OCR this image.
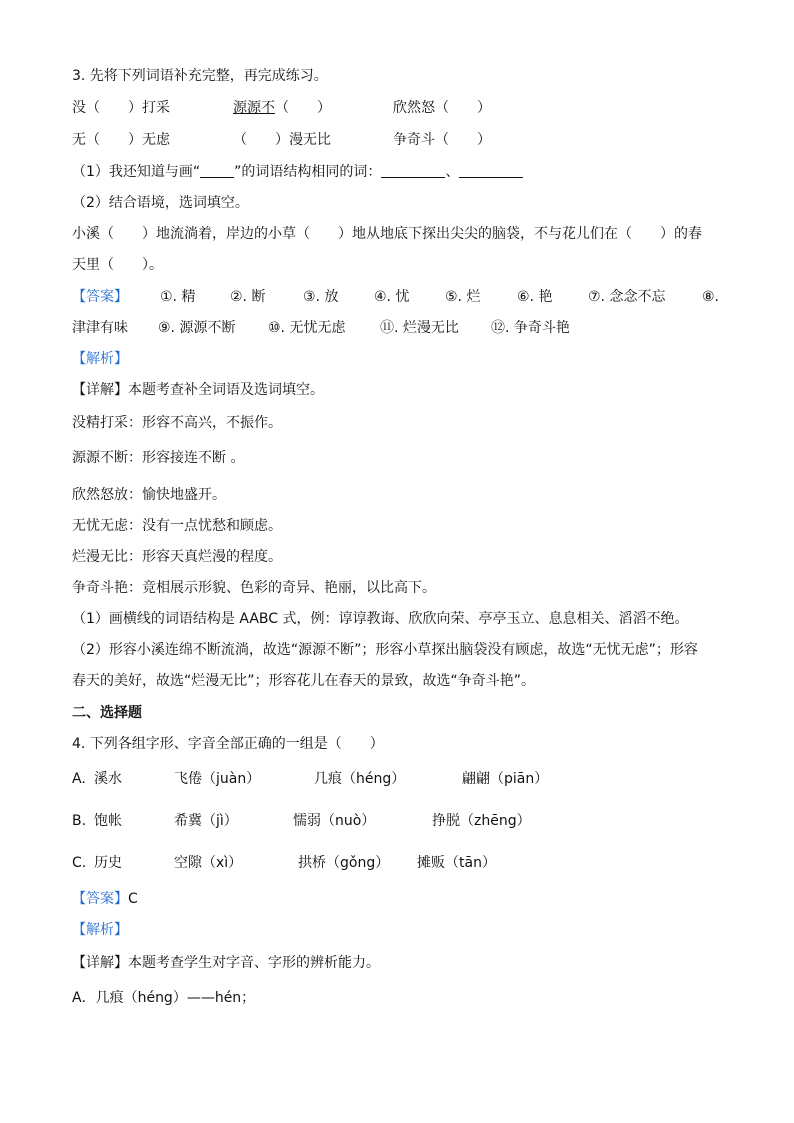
3. 先将下列词语补充完整，再完成练习。
没（　　）打采	源源不（　　）	欣然怒（　　）
无（　　）无虑	（　　）漫无比	争奇斗（　　）
（1）我还知道与画“ ”的词语结构相同的词：	、
（2）结合语境，选词填空。
小溪（　　）地流淌着，岸边的小草（　　）地从地底下探出尖尖的脑袋，不与花儿们在（　　）的春
天里（　　）。
【答案】 ①. 精 ②. 断	③. 放	④. 忧	⑤. 烂	⑥. 艳	⑦. 念念不忘	⑧.
津津有味 ⑨. 源源不断 ⑩. 无忧无虑 ⑪. 烂漫无比 ⑫. 争奇斗艳
【解析】
【详解】本题考查补全词语及选词填空。
没精打采：形容不高兴，不振作。
源源不断：形容接连不断 。
欣然怒放：愉快地盛开。
无忧无虑：没有一点忧愁和顾虑。
烂漫无比：形容天真烂漫的程度。
争奇斗艳：竞相展示形貌、色彩的奇异、艳丽，以比高下。
（1）画横线的词语结构是 AABC 式，例：谆谆教诲、欣欣向荣、亭亭玉立、息息相关、滔滔不绝。
（2）形容小溪连绵不断流淌，故选“源源不断”；形容小草探出脑袋没有顾虑，故选“无忧无虑”；形容
春天的美好，故选“烂漫无比”；形容花儿在春天的景致，故选“争奇斗艳”。
二、选择题
4. 下列各组字形、字音全部正确的一组是（　　）
A. 溪水	飞倦（juàn）	几痕（héng）	翩翩（piān）
B. 饱帐	希冀（jì）	懦弱（nuò）	挣脱（zhēng）
C. 历史	空隙（xì）	拱桥（gǒng） 摊贩（tān）
【答案】C
【解析】
【详解】本题考查学生对字音、字形的辨析能力。
A．几痕（héng）——hén；
